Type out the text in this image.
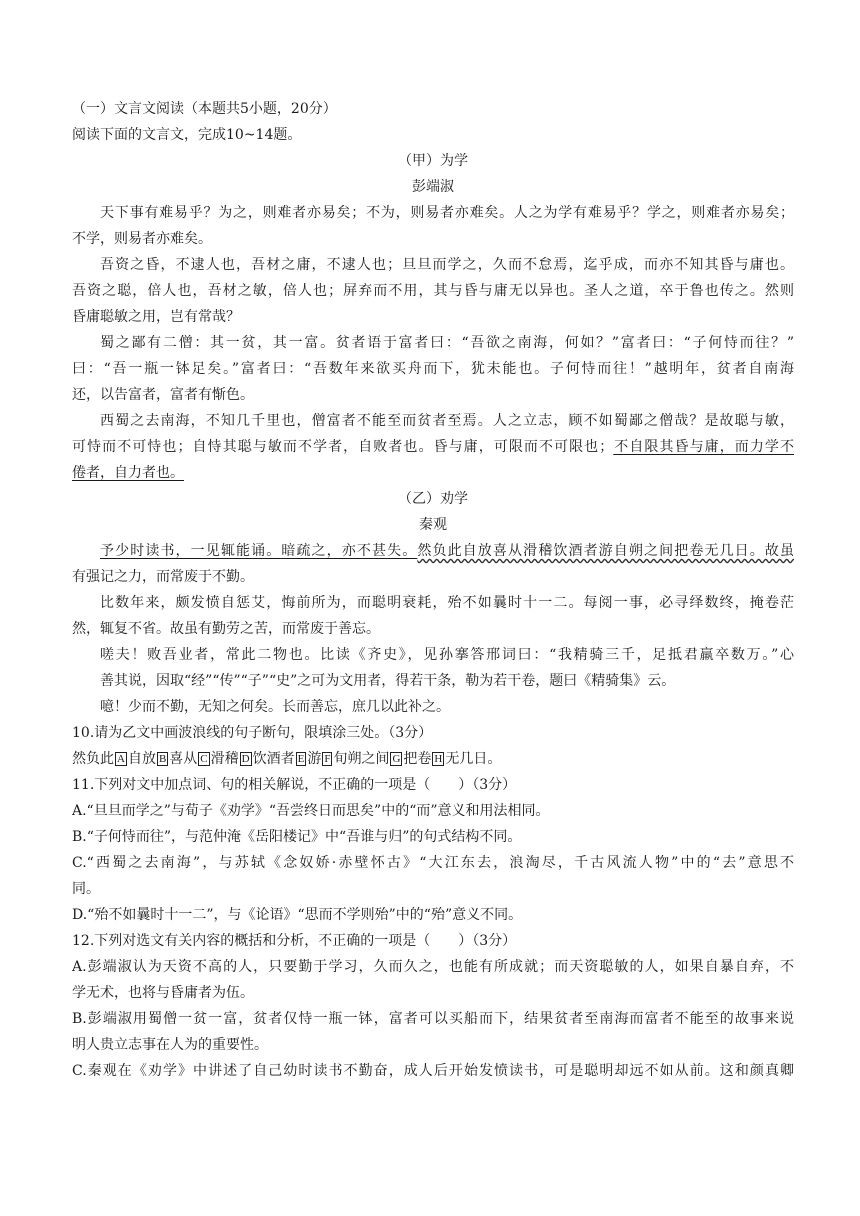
（一）文言文阅读（本题共5小题，20分）
阅读下面的文言文，完成10~14题。
（甲）为学
彭端淑
天下事有难易乎？为之，则难者亦易矣；不为，则易者亦难矣。人之为学有难易乎？学之，则难者亦易矣；
不学，则易者亦难矣。
吾资之昏，不逮人也，吾材之庸，不逮人也；旦旦而学之，久而不怠焉，迄乎成，而亦不知其昏与庸也。
吾资之聪，倍人也，吾材之敏，倍人也；屏弃而不用，其与昏与庸无以异也。圣人之道，卒于鲁也传之。然则
昏庸聪敏之用，岂有常哉？
蜀之鄙有二僧：其一贫，其一富。贫者语于富者曰：“吾欲之南海，何如？”富者曰：“子何恃而往？”
曰：“吾一瓶一钵足矣。”富者曰：“吾数年来欲买舟而下，犹未能也。子何恃而往！”越明年，贫者自南海
还，以告富者，富者有惭色。
西蜀之去南海，不知几千里也，僧富者不能至而贫者至焉。人之立志，顾不如蜀鄙之僧哉？是故聪与敏，
可恃而不可恃也；自恃其聪与敏而不学者，自败者也。昏与庸，可限而不可限也；不自限其昏与庸，而力学不
倦者，自力者也。
（乙）劝学
秦观
予少时读书，一见辄能诵。暗疏之，亦不甚失。然负此自放喜从滑稽饮酒者游自朔之间把卷无几日。故虽
有强记之力，而常废于不勤。
比数年来，颇发愤自惩艾，悔前所为，而聪明衰耗，殆不如曩时十一二。每阅一事，必寻绎数终，掩卷茫
然，辄复不省。故虽有勤劳之苦，而常废于善忘。
嗟夫！败吾业者，常此二物也。比读《齐史》，见孙搴答邢词曰：“我精骑三千，足抵君羸卒数万。”心
善其说，因取“经”“传”“子”“史”之可为文用者，得若干条，勒为若干卷，题曰《精骑集》云。
噫！少而不勤，无知之何矣。长而善忘，庶几以此补之。
10.请为乙文中画波浪线的句子断句，限填涂三处。（3分）
然负此 A 自放 B 喜从 C 滑稽 D 饮酒者 E 游 F 旬朔之间 G 把卷 H 无几日。
11.下列对文中加点词、句的相关解说，不正确的一项是（　　）（3分）
A.“旦旦而学之”与荀子《劝学》“吾尝终日而思矣”中的“而”意义和用法相同。
B.“子何恃而往”，与范仲淹《岳阳楼记》中“吾谁与归”的句式结构不同。
C.“西蜀之去南海”，与苏轼《念奴娇·赤壁怀古》“大江东去，浪淘尽，千古风流人物”中的“去”意思不
同。
D.“殆不如曩时十一二”，与《论语》“思而不学则殆”中的“殆”意义不同。
12.下列对选文有关内容的概括和分析，不正确的一项是（　　）（3分）
A.彭端淑认为天资不高的人，只要勤于学习，久而久之，也能有所成就；而天资聪敏的人，如果自暴自弃，不
学无术，也将与昏庸者为伍。
B.彭端淑用蜀僧一贫一富，贫者仅恃一瓶一钵，富者可以买船而下，结果贫者至南海而富者不能至的故事来说
明人贵立志事在人为的重要性。
C.秦观在《劝学》中讲述了自己幼时读书不勤奋，成人后开始发愤读书，可是聪明却远不如从前。这和颜真卿
